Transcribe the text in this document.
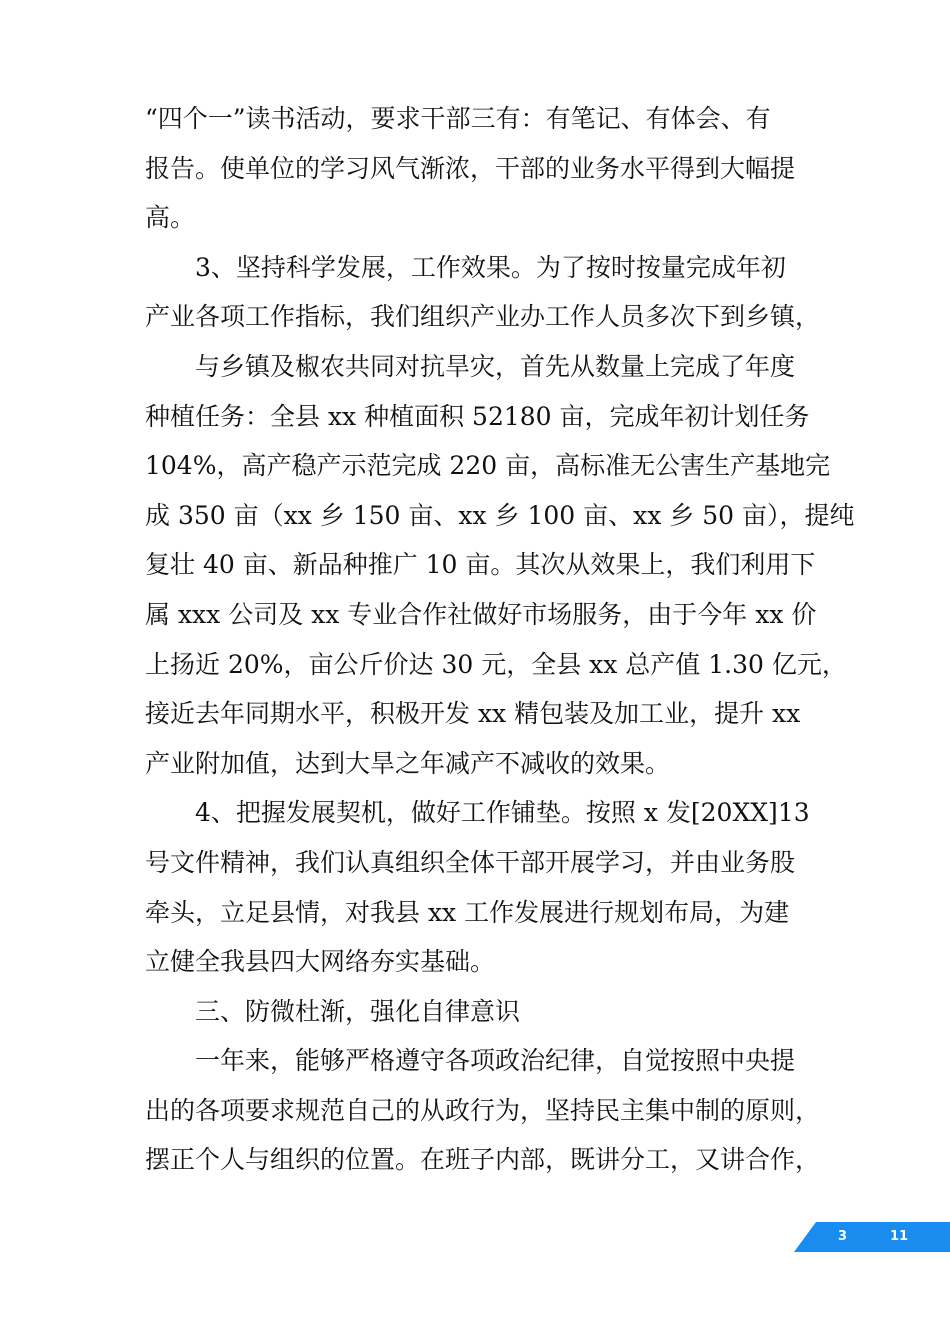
“四个一”读书活动，要求干部三有：有笔记、有体会、有
报告。使单位的学习风气渐浓，干部的业务水平得到大幅提
高。
3、坚持科学发展，工作效果。为了按时按量完成年初
产业各项工作指标，我们组织产业办工作人员多次下到乡镇，
与乡镇及椒农共同对抗旱灾，首先从数量上完成了年度
种植任务：全县 xx 种植面积 52180 亩，完成年初计划任务
104%，高产稳产示范完成 220 亩，高标准无公害生产基地完
成 350 亩（xx 乡 150 亩、xx 乡 100 亩、xx 乡 50 亩），提纯
复壮 40 亩、新品种推广 10 亩。其次从效果上，我们利用下
属 xxx 公司及 xx 专业合作社做好市场服务，由于今年 xx 价
上扬近 20%，亩公斤价达 30 元，全县 xx 总产值 1.30 亿元，
接近去年同期水平，积极开发 xx 精包装及加工业，提升 xx
产业附加值，达到大旱之年减产不减收的效果。
4、把握发展契机，做好工作铺垫。按照 x 发[20XX]13
号文件精神，我们认真组织全体干部开展学习，并由业务股
牵头，立足县情，对我县 xx 工作发展进行规划布局，为建
立健全我县四大网络夯实基础。
三、防微杜渐，强化自律意识
一年来，能够严格遵守各项政治纪律，自觉按照中央提
出的各项要求规范自己的从政行为，坚持民主集中制的原则，
摆正个人与组织的位置。在班子内部，既讲分工，又讲合作，
3	11
